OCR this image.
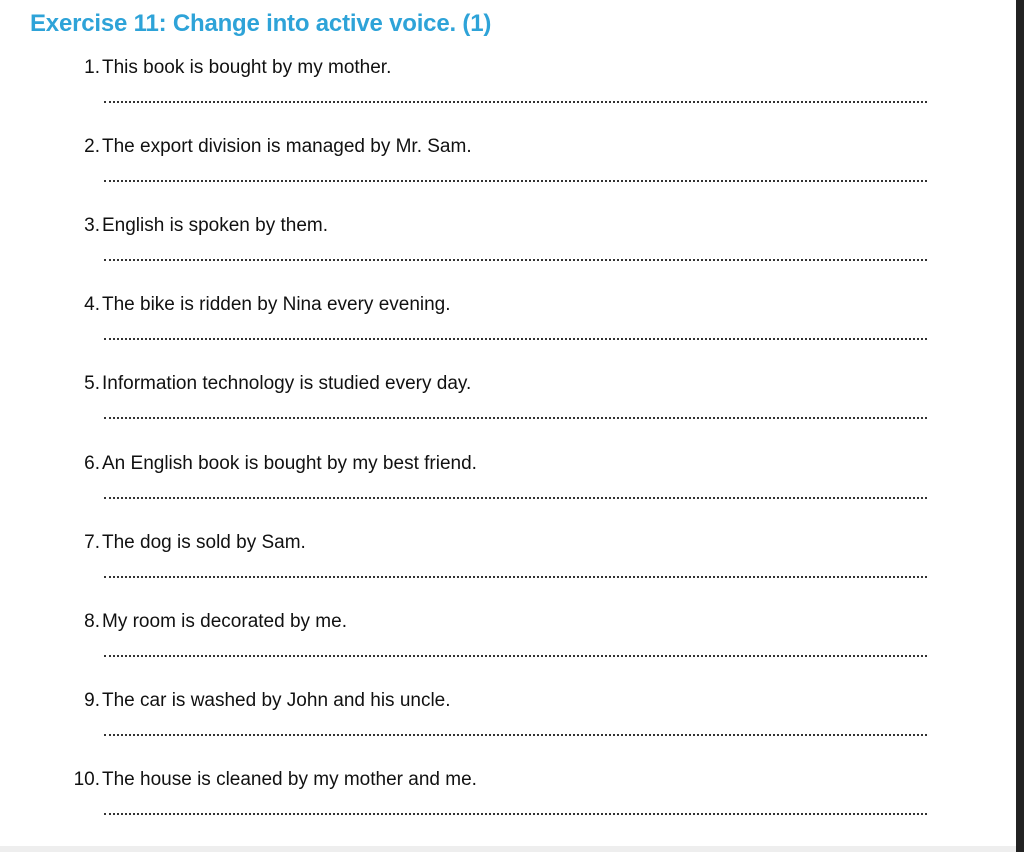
Exercise 11: Change into active voice. (1)
1. This book is bought by my mother.
2. The export division is managed by Mr. Sam.
3. English is spoken by them.
4. The bike is ridden by Nina every evening.
5. Information technology is studied every day.
6. An English book is bought by my best friend.
7. The dog is sold by Sam.
8. My room is decorated by me.
9. The car is washed by John and his uncle.
10. The house is cleaned by my mother and me.
